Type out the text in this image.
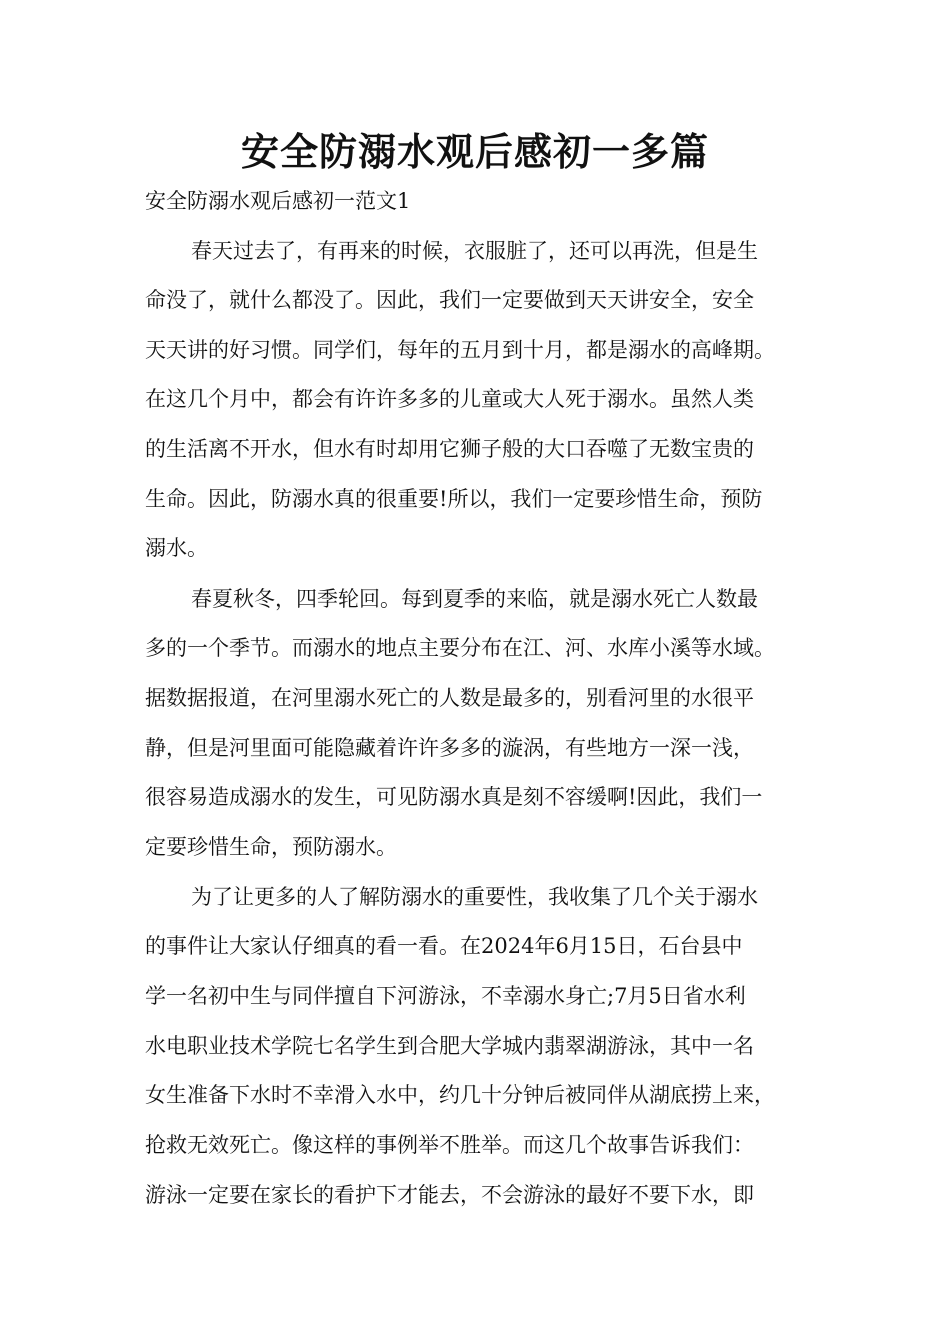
安全防溺水观后感初一多篇
安全防溺水观后感初一范文1
春天过去了，有再来的时候，衣服脏了，还可以再洗，但是生
命没了，就什么都没了。因此，我们一定要做到天天讲安全，安全
天天讲的好习惯。同学们，每年的五月到十月，都是溺水的高峰期。
在这几个月中，都会有许许多多的儿童或大人死于溺水。虽然人类
的生活离不开水，但水有时却用它狮子般的大口吞噬了无数宝贵的
生命。因此，防溺水真的很重要!所以，我们一定要珍惜生命，预防
溺水。
春夏秋冬，四季轮回。每到夏季的来临，就是溺水死亡人数最
多的一个季节。而溺水的地点主要分布在江、河、水库小溪等水域。
据数据报道，在河里溺水死亡的人数是最多的，别看河里的水很平
静，但是河里面可能隐藏着许许多多的漩涡，有些地方一深一浅，
很容易造成溺水的发生，可见防溺水真是刻不容缓啊!因此，我们一
定要珍惜生命，预防溺水。
为了让更多的人了解防溺水的重要性，我收集了几个关于溺水
的事件让大家认仔细真的看一看。在2024年6月15日，石台县中
学一名初中生与同伴擅自下河游泳，不幸溺水身亡;7月5日省水利
水电职业技术学院七名学生到合肥大学城内翡翠湖游泳，其中一名
女生准备下水时不幸滑入水中，约几十分钟后被同伴从湖底捞上来，
抢救无效死亡。像这样的事例举不胜举。而这几个故事告诉我们：
游泳一定要在家长的看护下才能去，不会游泳的最好不要下水，即
